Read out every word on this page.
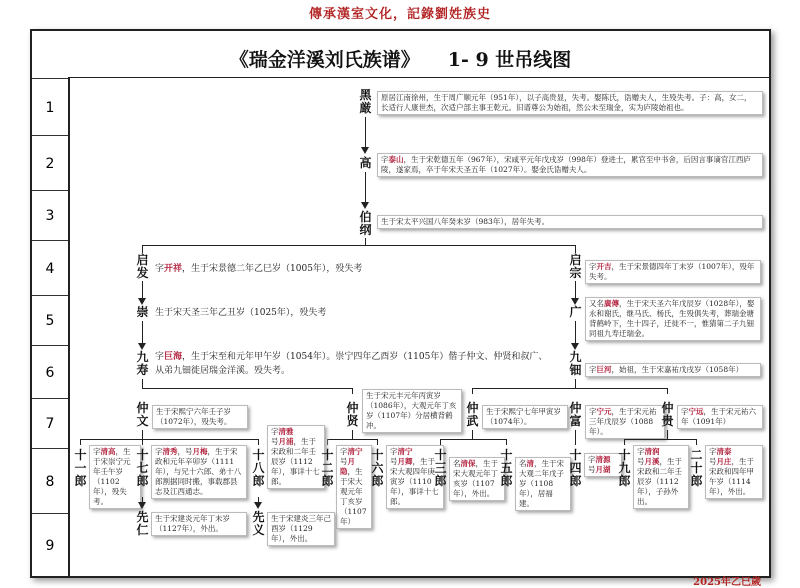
傳承漢室文化，記錄劉姓族史
《瑞金洋溪刘氏族谱》 1- 9 世吊线图
1
2
3
4
5
6
7
8
9
黑厳
原居江南徐州，生于周广顺元年（951年），以子高贵显，失考。娶陈氏，诰赠夫人，生殁失考。子：高，女二，长适行人康世杰，次适户部主事王乾元。旧谱尊公为始祖，然公未至瑞金，实为庐陵始祖也。
高	字泰山，生于宋乾德五年（967年），宋咸平元年戊戌岁（998年）登进士，累官至中书舍，后因言事谪官江西庐陵，遂家焉，卒于年宋天圣五年（1027年）。娶金氏诰赠夫人。
伯纲
生于宋太平兴国八年癸未岁（983年），居年失考。
启发 字开祥，生于宋景德二年乙巳岁（1005年），殁失考
崇 生于宋天圣三年乙丑岁（1025年），殁失考
九寿
字巨海，生于宋至和元年甲午岁（1054年）。崇宁四年乙酉岁（1105年）偕子仲文、仲贤和叔广、从弟九钿徙居瑞金洋溪。殁失考。
启宗	字开吉，生于宋景德四年丁未岁（1007年），殁年失考。
广
又名廣傳，生于宋天圣六年戊辰岁（1028年），娶永和谢氏，继马氏、杨氏，生殁俱失考，葬瑞金塘背鹤岭下，生十四子，迁徙不一，惟猜第二子九钿同祖九寿迁瑞金。
九钿	字巨河，始祖，生于宋嘉祐戊戌岁（1058年）
仲文
生于宋熙宁六年壬子岁（1072年），殁失考。
仲贤
生于宋元丰元年丙寅岁（1086年），大观元年丁亥岁（1107年）分居横背鹤冲。
仲武
生于宋熙宁七年甲寅岁（1074年）。
仲富
字宁元，生于宋元祐三年戊辰岁（1088年）。
仲贵
字宁远，生于宋元祐六年（1091年）
十一郎
字清高，生于宋崇宁元年壬午岁（1102年），殁失考。
十七郎
字清秀，号月梅，生于宋政和元年辛卯岁（1111年），与兄十六郎、弟十八郎割据同时搬，事载郡县志及江西通志。
十八郎
字清雅
号月浦，生于宋政和二年壬辰岁（1112年），事详十七郎。
十二郎
字清宁
号月隐，生于宋大观元年丁亥岁（1107年）
十六郎
字清宁
号月卿，生于宋大观四年庚寅岁（1110年），事详十七郎。
十三郎
名清保，生于宋大观元年丁亥岁（1107年），外出。
十五郎
名清，生于宋大观二年戊子岁（1108年），居福建。
十四郎
字清源
号月湖
十九郎
字清润
号月溪，生于宋政和二年壬辰岁（1112年），子孙外出。
二十郎
字清泰
号月庄，生于宋政和四年甲午岁（1114年），外出。
先仁
生于宋建炎元年丁未岁（1127年），外出。
先义
生于宋建炎三年己酉岁（1129年），外出。
2025年乙巳歲
